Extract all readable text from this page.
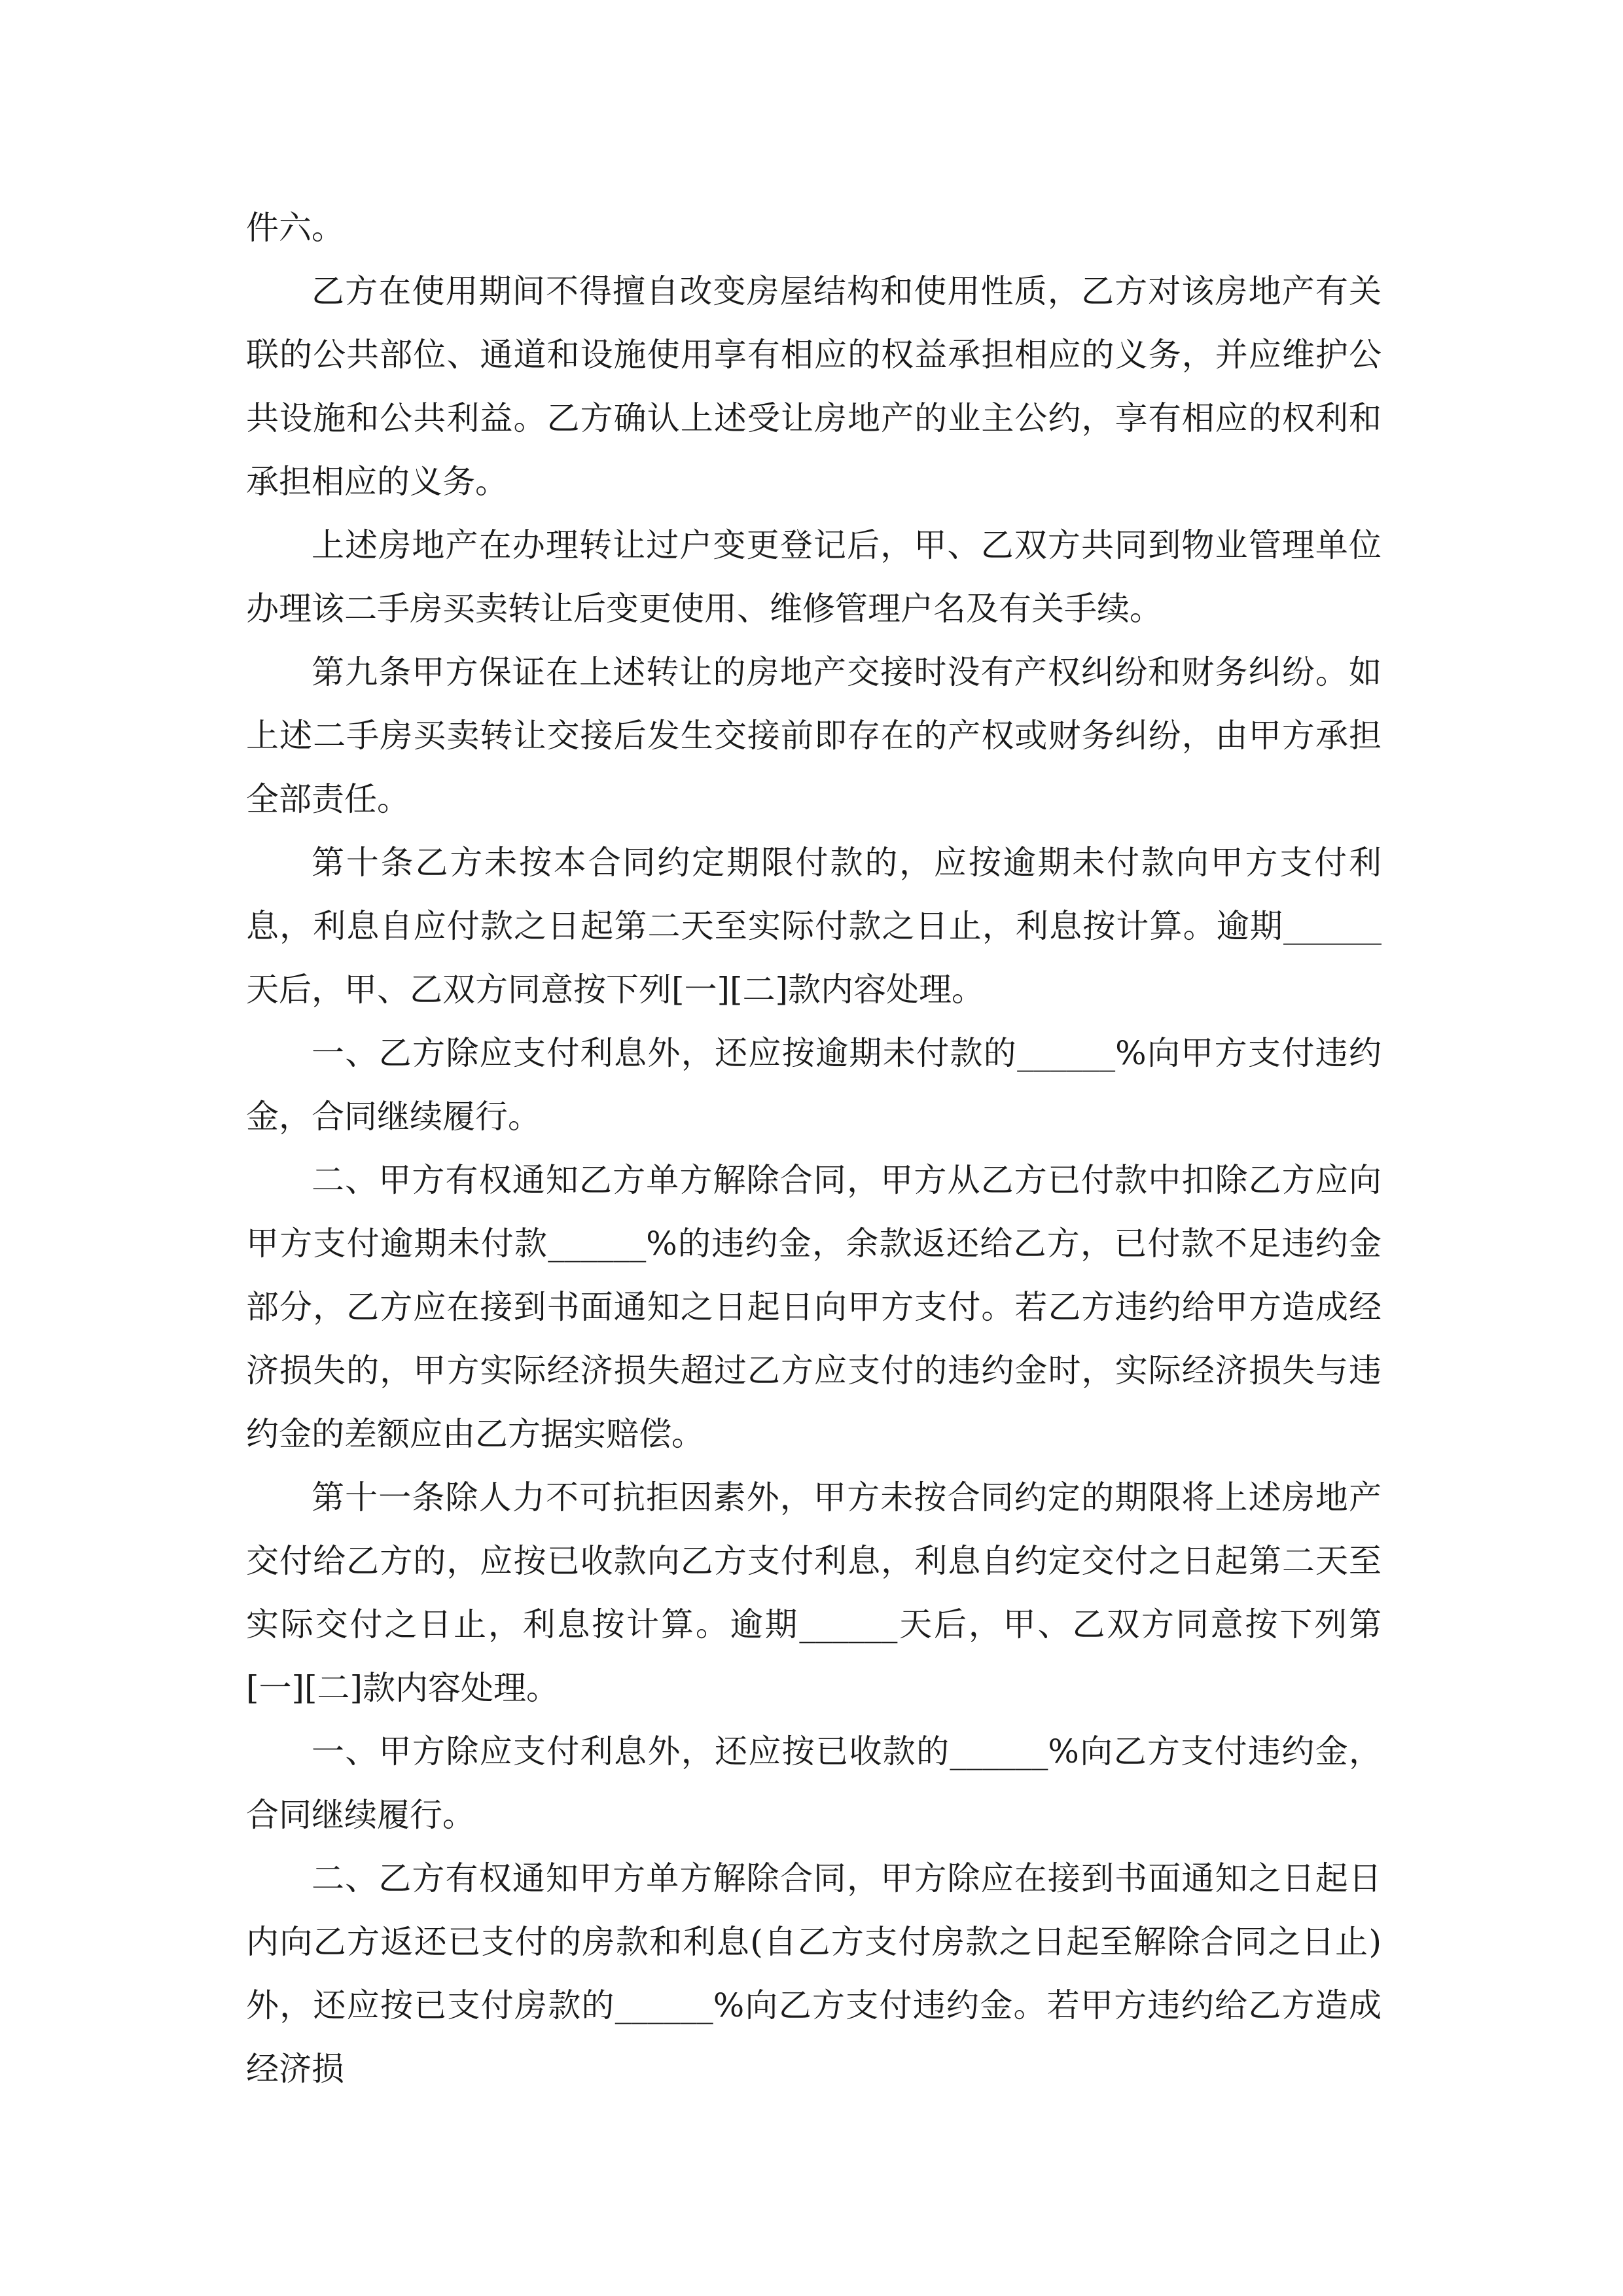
件六。

乙方在使用期间不得擅自改变房屋结构和使用性质，乙方对该房地产有关联的公共部位、通道和设施使用享有相应的权益承担相应的义务，并应维护公共设施和公共利益。乙方确认上述受让房地产的业主公约，享有相应的权利和承担相应的义务。

上述房地产在办理转让过户变更登记后，甲、乙双方共同到物业管理单位办理该二手房买卖转让后变更使用、维修管理户名及有关手续。

第九条甲方保证在上述转让的房地产交接时没有产权纠纷和财务纠纷。如上述二手房买卖转让交接后发生交接前即存在的产权或财务纠纷，由甲方承担全部责任。

第十条乙方未按本合同约定期限付款的，应按逾期未付款向甲方支付利息，利息自应付款之日起第二天至实际付款之日止，利息按计算。逾期______天后，甲、乙双方同意按下列[一][二]款内容处理。

一、乙方除应支付利息外，还应按逾期未付款的______%向甲方支付违约金，合同继续履行。

二、甲方有权通知乙方单方解除合同，甲方从乙方已付款中扣除乙方应向甲方支付逾期未付款______%的违约金，余款返还给乙方，已付款不足违约金部分，乙方应在接到书面通知之日起日向甲方支付。若乙方违约给甲方造成经济损失的，甲方实际经济损失超过乙方应支付的违约金时，实际经济损失与违约金的差额应由乙方据实赔偿。

第十一条除人力不可抗拒因素外，甲方未按合同约定的期限将上述房地产交付给乙方的，应按已收款向乙方支付利息，利息自约定交付之日起第二天至实际交付之日止，利息按计算。逾期______天后，甲、乙双方同意按下列第[一][二]款内容处理。

一、甲方除应支付利息外，还应按已收款的______%向乙方支付违约金，合同继续履行。

二、乙方有权通知甲方单方解除合同，甲方除应在接到书面通知之日起日内向乙方返还已支付的房款和利息(自乙方支付房款之日起至解除合同之日止)外，还应按已支付房款的______%向乙方支付违约金。若甲方违约给乙方造成经济损
